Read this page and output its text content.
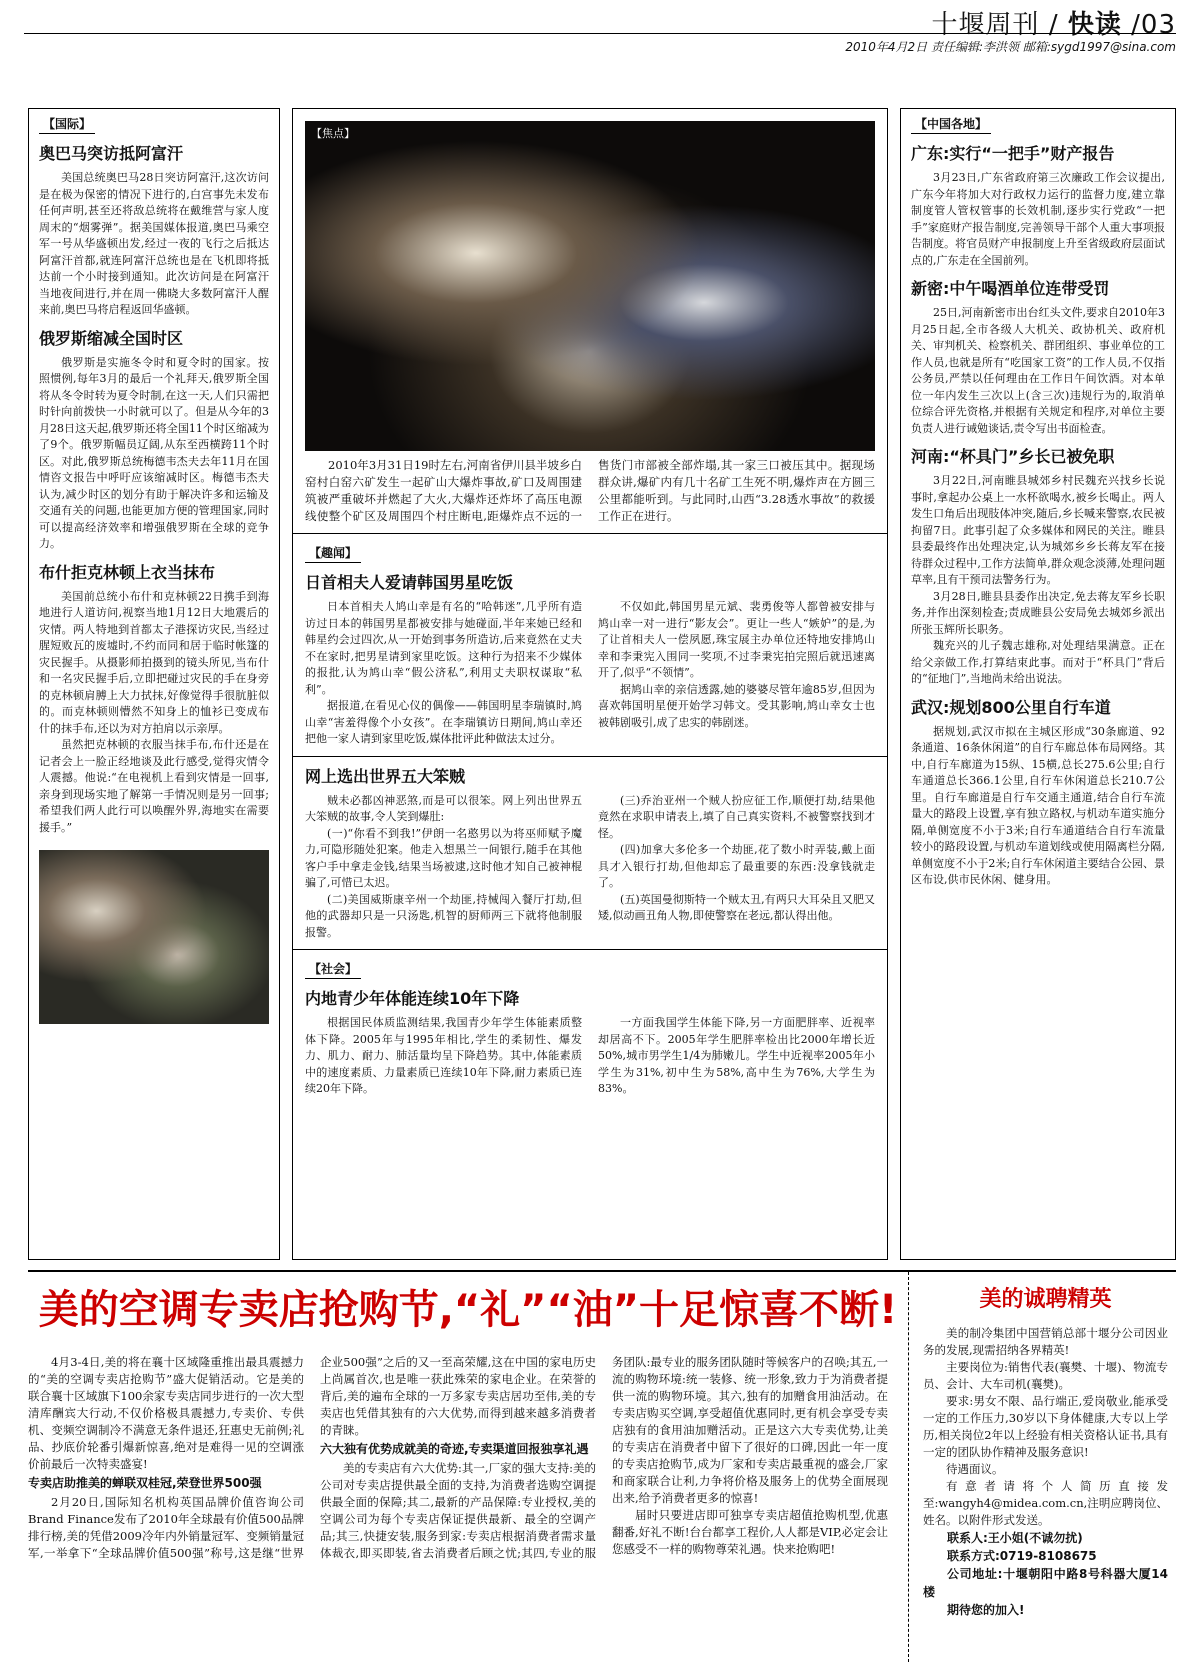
十堰周刊 / 快读 /03
2010年4月2日 责任编辑:李洪领 邮箱:sygd1997@sina.com
【国际】
奥巴马突访抵阿富汗

美国总统奥巴马28日突访阿富汗,这次访问是在极为保密的情况下进行的,白宫事先未发布任何声明,甚至还将敌总统将在戴维营与家人度周末的“烟雾弹”。据美国媒体报道,奥巴马乘空军一号从华盛顿出发,经过一夜的飞行之后抵达阿富汗首都,就连阿富汗总统也是在飞机即将抵达前一个小时接到通知。此次访问是在阿富汗当地夜间进行,并在周一佛晓大多数阿富汗人醒来前,奥巴马将启程返回华盛顿。

俄罗斯缩减全国时区

俄罗斯是实施冬令时和夏令时的国家。按照惯例,每年3月的最后一个礼拜天,俄罗斯全国将从冬令时转为夏令时制,在这一天,人们只需把时针向前拨快一小时就可以了。但是从今年的3月28日这天起,俄罗斯还将全国11个时区缩减为了9个。俄罗斯幅员辽阔,从东至西横跨11个时区。对此,俄罗斯总统梅德韦杰夫去年11月在国情咨文报告中呼吁应该缩减时区。梅德韦杰夫认为,减少时区的划分有助于解决许多和运输及交通有关的问题,也能更加方便的管理国家,同时可以提高经济效率和增强俄罗斯在全球的竞争力。

布什拒克林顿上衣当抹布

美国前总统小布什和克林顿22日携手到海地进行人道访问,视察当地1月12日大地震后的灾情。两人特地到首都太子港探访灾民,当经过腥短败瓦的废墟时,不约而同和居于临时帐篷的灾民握手。从摄影师拍摄到的镜头所见,当布什和一名灾民握手后,立即把碰过灾民的手在身旁的克林顿肩膊上大力拭抹,好像觉得手很肮脏似的。而克林顿则懵然不知身上的恤衫已变成布什的抹手布,还以为对方拍肩以示亲厚。

虽然把克林顿的衣服当抹手布,布什还是在记者会上一脸正经地谈及此行感受,觉得灾情令人震撼。他说:“在电视机上看到灾情是一回事,亲身到现场实地了解第一手情况则是另一回事;希望我们两人此行可以唤醒外界,海地实在需要援手。”

【焦点】

2010年3月31日19时左右,河南省伊川县半坡乡白窑村白窑六矿发生一起矿山大爆炸事故,矿口及周围建筑被严重破坏并燃起了大火,大爆炸还炸坏了高压电源线使整个矿区及周围四个村庄断电,距爆炸点不远的一售货门市部被全部炸塌,其一家三口被压其中。据现场群众讲,爆矿内有几十名矿工生死不明,爆炸声在方圆三公里都能听到。与此同时,山西“3.28透水事故”的救援工作正在进行。

【趣闻】
日首相夫人爱请韩国男星吃饭

日本首相夫人鸠山幸是有名的“哈韩迷”,几乎所有造访过日本的韩国男星都被安排与她碰面,半年来她已经和韩星约会过四次,从一开始到事务所造访,后来竟然在丈夫不在家时,把男星请到家里吃饭。这种行为招来不少媒体的报批,认为鸠山幸“假公济私”,利用丈夫职权谋取“私利”。

据报道,在看见心仪的偶像——韩国明星李瑞镇时,鸠山幸“害羞得像个小女孩”。在李瑞镇访日期间,鸠山幸还把他一家人请到家里吃饭,媒体批评此种做法太过分。

不仅如此,韩国男星元斌、裴勇俊等人都曾被安排与鸠山幸一对一进行“影友会”。更让一些人“嫉妒”的是,为了让首相夫人一偿夙愿,珠宝展主办单位还特地安排鸠山幸和李秉宪入围同一奖项,不过李秉宪拍完照后就迅速离开了,似乎“不领情”。

据鸠山幸的亲信透露,她的婆婆尽管年逾85岁,但因为喜欢韩国明星便开始学习韩文。受其影响,鸠山幸女士也被韩剧吸引,成了忠实的韩剧迷。

网上选出世界五大笨贼

贼未必都凶神恶煞,而是可以很笨。网上列出世界五大笨贼的故事,令人笑到爆肚:

(一)“你看不到我!”伊朗一名憨男以为将巫师赋予魔力,可隐形随处犯案。他走入想黑兰一间银行,随手在其他客户手中拿走金钱,结果当场被逮,这时他才知自己被神棍骗了,可惜已太迟。

(二)美国威斯康辛州一个劫匪,持械闯入餐厅打劫,但他的武器却只是一只汤匙,机智的厨师两三下就将他制服报警。

(三)乔治亚州一个贼人扮应征工作,顺便打劫,结果他竟然在求职申请表上,填了自己真实资料,不被警察找到才怪。

(四)加拿大多伦多一个劫匪,花了数小时弄装,戴上面具才入银行打劫,但他却忘了最重要的东西:没拿钱就走了。

(五)英国曼彻斯特一个贼太丑,有两只大耳朵且又肥又矮,似动画丑角人物,即使警察在老远,都认得出他。

【社会】
内地青少年体能连续10年下降

根据国民体质监测结果,我国青少年学生体能素质整体下降。2005年与1995年相比,学生的柔韧性、爆发力、肌力、耐力、肺活量均呈下降趋势。其中,体能素质中的速度素质、力量素质已连续10年下降,耐力素质已连续20年下降。

一方面我国学生体能下降,另一方面肥胖率、近视率却居高不下。2005年学生肥胖率检出比2000年增长近50%,城市男学生1/4为肺嫩儿。学生中近视率2005年小学生为31%,初中生为58%,高中生为76%,大学生为83%。

【中国各地】
广东:实行“一把手”财产报告

3月23日,广东省政府第三次廉政工作会议提出,广东今年将加大对行政权力运行的监督力度,建立靠制度管人管权管事的长效机制,逐步实行党政“一把手”家庭财产报告制度,完善领导干部个人重大事项报告制度。将官员财产申报制度上升至省级政府层面试点的,广东走在全国前列。

新密:中午喝酒单位连带受罚

25日,河南新密市出台红头文件,要求自2010年3月25日起,全市各级人大机关、政协机关、政府机关、审判机关、检察机关、群团组织、事业单位的工作人员,也就是所有“吃国家工资”的工作人员,不仅指公务员,严禁以任何理由在工作日午间饮酒。对本单位一年内发生三次以上(含三次)违规行为的,取消单位综合评先资格,并根据有关规定和程序,对单位主要负责人进行诫勉谈话,责令写出书面检查。

河南:“杯具门”乡长已被免职

3月22日,河南睢县城郊乡村民魏充兴找乡长说事时,拿起办公桌上一水杯欲喝水,被乡长喝止。两人发生口角后出现肢体冲突,随后,乡长喊来警察,农民被拘留7日。此事引起了众多媒体和网民的关注。睢县县委最终作出处理决定,认为城郊乡乡长蒋友军在接待群众过程中,工作方法简单,群众观念淡薄,处理问题草率,且有干预司法警务行为。

3月28日,睢县县委作出决定,免去蒋友军乡长职务,并作出深刻检查;责成睢县公安局免去城郊乡派出所张玉辉所长职务。

魏充兴的儿子魏志雄称,对处理结果满意。正在给父亲做工作,打算结束此事。而对于“杯具门”背后的“征地门”,当地尚未给出说法。

武汉:规划800公里自行车道

据规划,武汉市拟在主城区形成“30条廊道、92条通道、16条休闲道”的自行车廊总体布局网络。其中,自行车廊道为15纵、15横,总长275.6公里;自行车通道总长366.1公里,自行车休闲道总长210.7公里。自行车廊道是自行车交通主通道,结合自行车流量大的路段上设置,享有独立路权,与机动车道实施分隔,单侧宽度不小于3米;自行车通道结合自行车流量较小的路段设置,与机动车道划线或使用隔离栏分隔,单侧宽度不小于2米;自行车休闲道主要结合公园、景区布设,供市民休闲、健身用。

美的空调专卖店抢购节,“礼”“油”十足惊喜不断!

4月3-4日,美的将在襄十区域隆重推出最具震撼力的“美的空调专卖店抢购节”盛大促销活动。它是美的联合襄十区域旗下100余家专卖店同步进行的一次大型清库酬宾大行动,不仅价格极具震撼力,专卖价、专供机、变频空调制冷不满意无条件退还,狂惠史无前例;礼品、抄底价轮番引爆新惊喜,绝对是难得一见的空调涨价前最后一次特卖盛宴!

专卖店助推美的蝉联双桂冠,荣登世界500强

2月20日,国际知名机构英国品牌价值咨询公司Brand Finance发布了2010年全球最有价值500品牌排行榜,美的凭借2009冷年内外销量冠军、变频销量冠军,一举拿下“全球品牌价值500强”称号,这是继“世界企业500强”之后的又一至高荣耀,这在中国的家电历史上尚属首次,也是唯一获此殊荣的家电企业。在荣誉的背后,美的遍布全球的一万多家专卖店居功至伟,美的专卖店也凭借其独有的六大优势,而得到越来越多消费者的青睐。

六大独有优势成就美的奇迹,专卖渠道回报独享礼遇

美的专卖店有六大优势:其一,厂家的强大支持:美的公司对专卖店提供最全面的支持,为消费者选购空调提供最全面的保障;其二,最新的产品保障:专业授权,美的空调公司为每个专卖店保证提供最新、最全的空调产品;其三,快捷安装,服务到家:专卖店根据消费者需求量体裁衣,即买即装,省去消费者后顾之忧;其四,专业的服务团队:最专业的服务团队随时等候客户的召唤;其五,一流的购物环境:统一装修、统一形象,致力于为消费者提供一流的购物环境。其六,独有的加赠食用油活动。在专卖店购买空调,享受超值优惠同时,更有机会享受专卖店独有的食用油加赠活动。正是这六大专卖优势,让美的专卖店在消费者中留下了很好的口碑,因此一年一度的专卖店抢购节,成为厂家和专卖店最重视的盛会,厂家和商家联合让利,力争将价格及服务上的优势全面展现出来,给予消费者更多的惊喜!

届时只要进店即可独享专卖店超值抢购机型,优惠翻番,好礼不断!台台都享工程价,人人都是VIP,必定会让您感受不一样的购物尊荣礼遇。快来抢购吧!

美的诚聘精英

美的制冷集团中国营销总部十堰分公司因业务的发展,现需招纳各界精英!

主要岗位为:销售代表(襄樊、十堰)、物流专员、会计、大车司机(襄樊)。

要求:男女不限、品行端正,爱岗敬业,能承受一定的工作压力,30岁以下身体健康,大专以上学历,相关岗位2年以上经验有相关资格认证书,具有一定的团队协作精神及服务意识!

待遇面议。

有意者请将个人简历直接发至:wangyh4@midea.com.cn,注明应聘岗位、姓名。以附件形式发送。

联系人:王小姐(不诚勿扰)

联系方式:0719-8108675

公司地址:十堰朝阳中路8号科器大厦14楼

期待您的加入!
